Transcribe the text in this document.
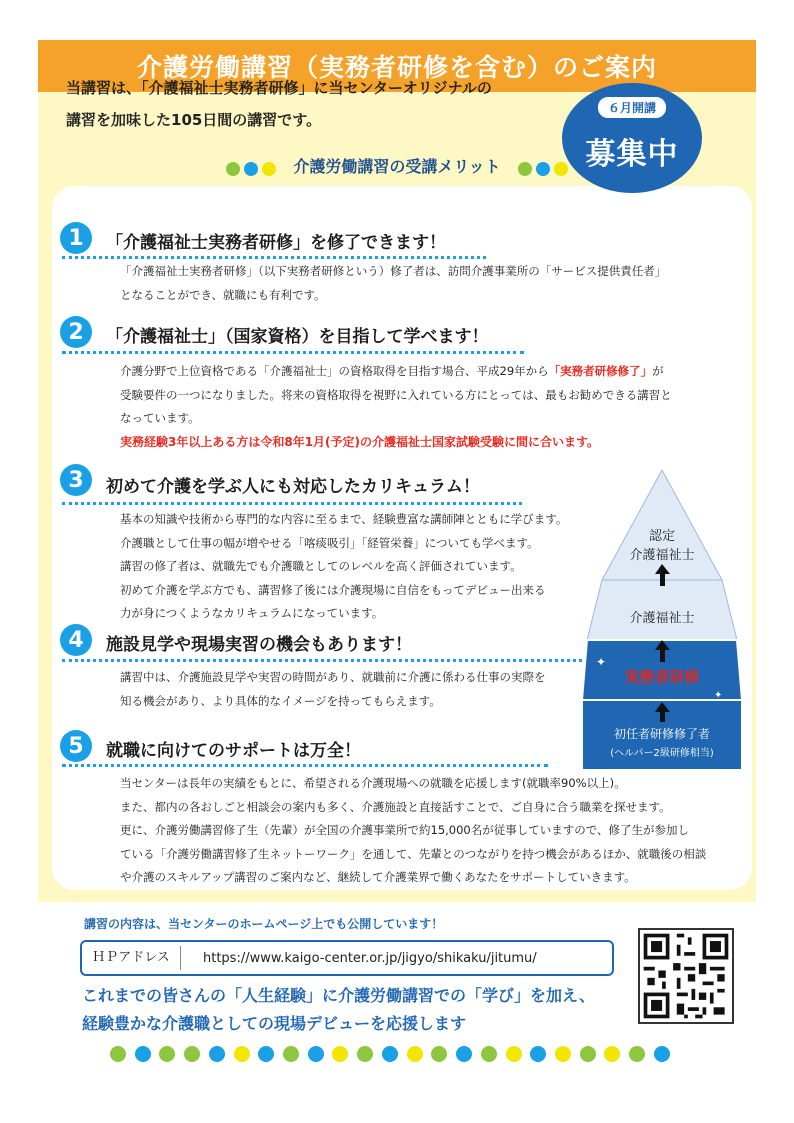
介護労働講習（実務者研修を含む）のご案内
当講習は、「介護福祉士実務者研修」に当センターオリジナルの
講習を加味した105日間の講習です。
６月開講
募集中
介護労働講習の受講メリット
1	「介護福祉士実務者研修」を修了できます！
「介護福祉士実務者研修」（以下実務者研修という）修了者は、訪問介護事業所の「サービス提供責任者」
となることができ、就職にも有利です。
2	「介護福祉士」（国家資格）を目指して学べます！
介護分野で上位資格である「介護福祉士」の資格取得を目指す場合、平成29年から「実務者研修修了」が
受験要件の一つになりました。将来の資格取得を視野に入れている方にとっては、最もお勧めできる講習と
なっています。
実務経験3年以上ある方は令和8年1月(予定)の介護福祉士国家試験受験に間に合います。
3	初めて介護を学ぶ人にも対応したカリキュラム！
基本の知識や技術から専門的な内容に至るまで、経験豊富な講師陣とともに学びます。
介護職として仕事の幅が増やせる「喀痰吸引」「経管栄養」についても学べます。
講習の修了者は、就職先でも介護職としてのレベルを高く評価されています。
初めて介護を学ぶ方でも、講習修了後には介護現場に自信をもってデビュー出来る
力が身につくようなカリキュラムになっています。
4	施設見学や現場実習の機会もあります！
講習中は、介護施設見学や実習の時間があり、就職前に介護に係わる仕事の実際を
知る機会があり、より具体的なイメージを持ってもらえます。
5	就職に向けてのサポートは万全！
当センターは長年の実績をもとに、希望される介護現場への就職を応援します(就職率90%以上)。
また、都内の各おしごと相談会の案内も多く、介護施設と直接話すことで、ご自身に合う職業を探せます。
更に、介護労働講習修了生（先輩）が全国の介護事業所で約15,000名が従事していますので、修了生が参加し
ている「介護労働講習修了生ネットーワーク」を通して、先輩とのつながりを持つ機会があるほか、就職後の相談
や介護のスキルアップ講習のご案内など、継続して介護業界で働くあなたをサポートしていきます。
✦
✦
認定
介護福祉士
介護福祉士
実務者研修
初任者研修修了者
(ヘルパー2級研修相当)
講習の内容は、当センターのホームページ上でも公開しています！
ＨＰアドレス	https://www.kaigo-center.or.jp/jigyo/shikaku/jitumu/
これまでの皆さんの「人生経験」に介護労働講習での「学び」を加え、
経験豊かな介護職としての現場デビューを応援します
